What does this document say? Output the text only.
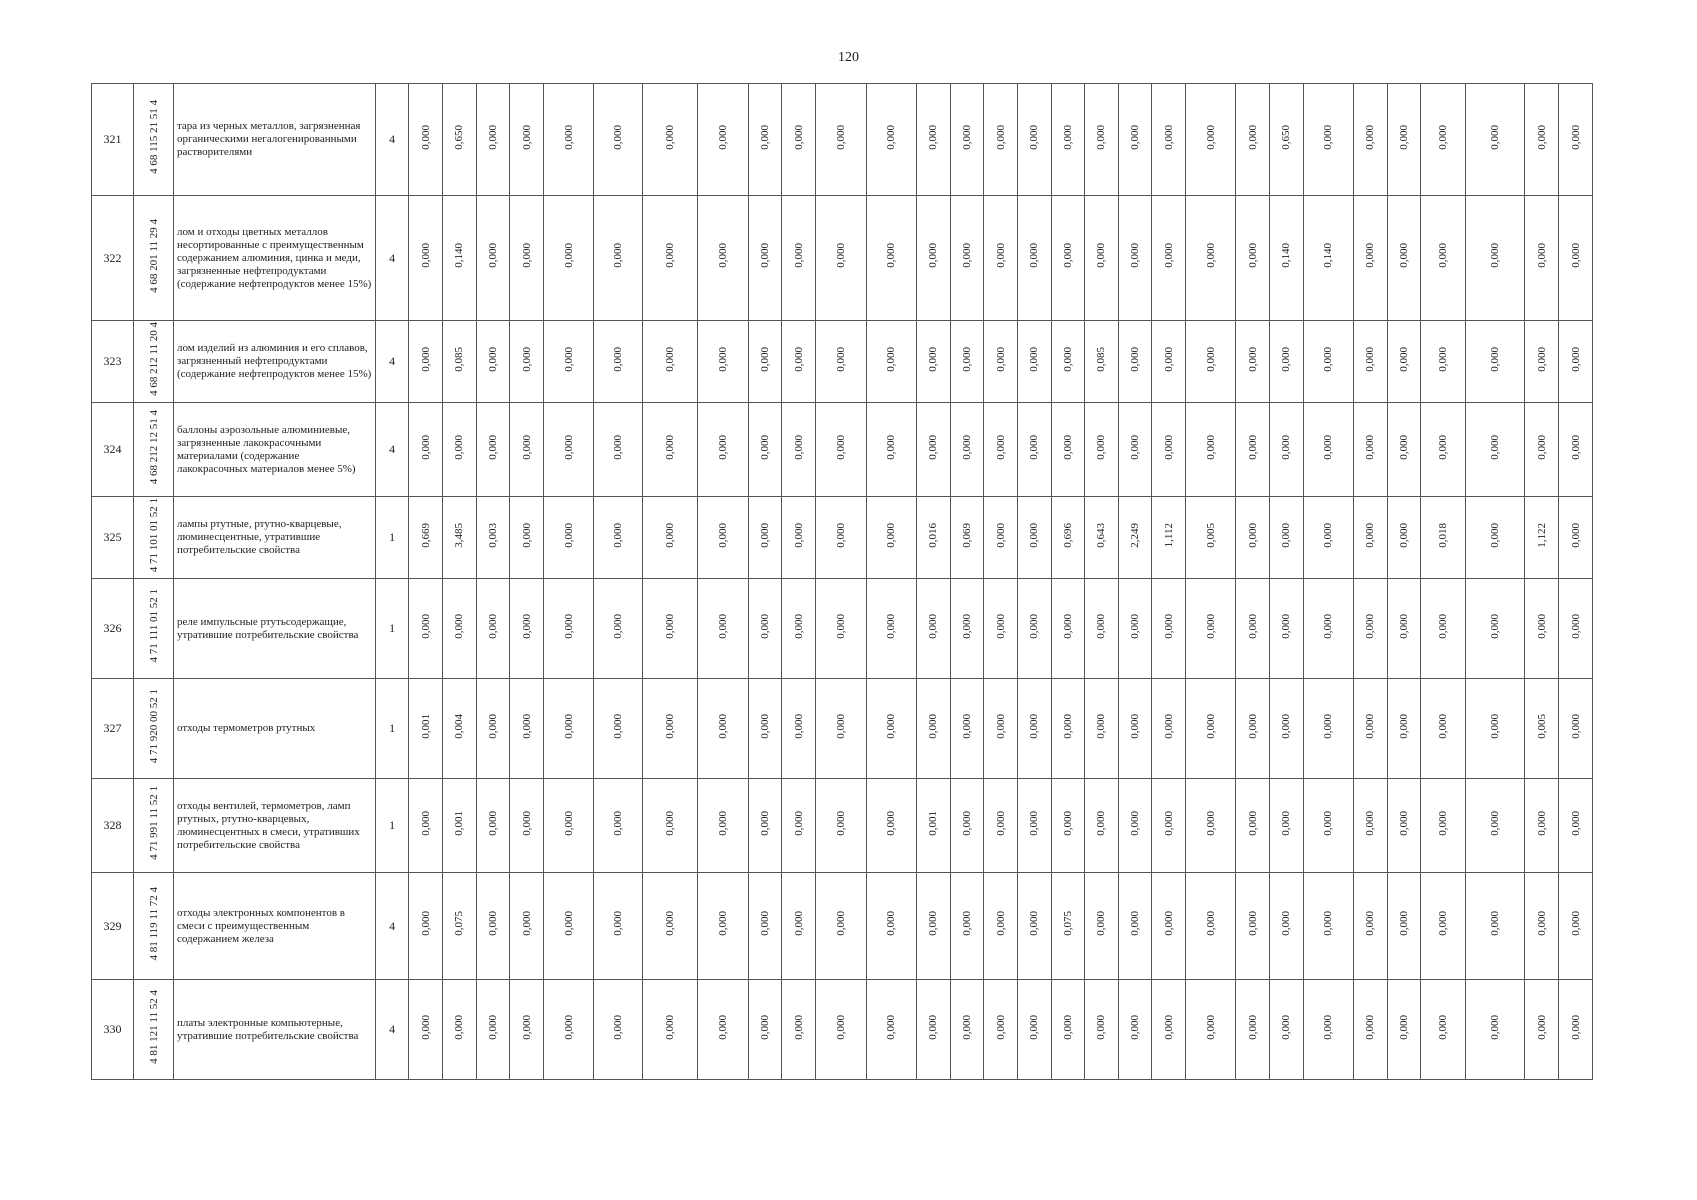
120
321	4 68 115 21 51 4	тара из черных металлов, загрязненная органическими негалогенированными растворителями	4	0,000	0,650	0,000	0,000	0,000	0,000	0,000	0,000	0,000	0,000	0,000	0,000	0,000	0,000	0,000	0,000	0,000	0,000	0,000	0,000	0,000	0,000	0,650	0,000	0,000	0,000	0,000	0,000	0,000	0,000
322	4 68 201 11 29 4	лом и отходы цветных металлов несортированные с преимущественным содержанием алюминия, цинка и меди, загрязненные нефтепродуктами (содержание нефтепродуктов менее 15%)	4	0,000	0,140	0,000	0,000	0,000	0,000	0,000	0,000	0,000	0,000	0,000	0,000	0,000	0,000	0,000	0,000	0,000	0,000	0,000	0,000	0,000	0,000	0,140	0,140	0,000	0,000	0,000	0,000	0,000	0,000
323	4 68 212 11 20 4	лом изделий из алюминия и его сплавов, загрязненный нефтепродуктами (содержание нефтепродуктов менее 15%)	4	0,000	0,085	0,000	0,000	0,000	0,000	0,000	0,000	0,000	0,000	0,000	0,000	0,000	0,000	0,000	0,000	0,000	0,085	0,000	0,000	0,000	0,000	0,000	0,000	0,000	0,000	0,000	0,000	0,000	0,000
324	4 68 212 12 51 4	баллоны аэрозольные алюминиевые, загрязненные лакокрасочными материалами (содержание лакокрасочных материалов менее 5%)	4	0,000	0,000	0,000	0,000	0,000	0,000	0,000	0,000	0,000	0,000	0,000	0,000	0,000	0,000	0,000	0,000	0,000	0,000	0,000	0,000	0,000	0,000	0,000	0,000	0,000	0,000	0,000	0,000	0,000	0,000
325	4 71 101 01 52 1	лампы ртутные, ртутно-кварцевые, люминесцентные, утратившие потребительские свойства	1	0,669	3,485	0,003	0,000	0,000	0,000	0,000	0,000	0,000	0,000	0,000	0,000	0,016	0,069	0,000	0,000	0,696	0,643	2,249	1,112	0,005	0,000	0,000	0,000	0,000	0,000	0,018	0,000	1,122	0,000
326	4 71 111 01 52 1	реле импульсные ртутьсодержащие, утратившие потребительские свойства	1	0,000	0,000	0,000	0,000	0,000	0,000	0,000	0,000	0,000	0,000	0,000	0,000	0,000	0,000	0,000	0,000	0,000	0,000	0,000	0,000	0,000	0,000	0,000	0,000	0,000	0,000	0,000	0,000	0,000	0,000
327	4 71 920 00 52 1	отходы термометров ртутных	1	0,001	0,004	0,000	0,000	0,000	0,000	0,000	0,000	0,000	0,000	0,000	0,000	0,000	0,000	0,000	0,000	0,000	0,000	0,000	0,000	0,000	0,000	0,000	0,000	0,000	0,000	0,000	0,000	0,005	0,000
328	4 71 991 11 52 1	отходы вентилей, термометров, ламп ртутных, ртутно-кварцевых, люминесцентных в смеси, утративших потребительские свойства	1	0,000	0,001	0,000	0,000	0,000	0,000	0,000	0,000	0,000	0,000	0,000	0,000	0,001	0,000	0,000	0,000	0,000	0,000	0,000	0,000	0,000	0,000	0,000	0,000	0,000	0,000	0,000	0,000	0,000	0,000
329	4 81 119 11 72 4	отходы электронных компонентов в смеси с преимущественным содержанием железа	4	0,000	0,075	0,000	0,000	0,000	0,000	0,000	0,000	0,000	0,000	0,000	0,000	0,000	0,000	0,000	0,000	0,075	0,000	0,000	0,000	0,000	0,000	0,000	0,000	0,000	0,000	0,000	0,000	0,000	0,000
330	4 81 121 11 52 4	платы электронные компьютерные, утратившие потребительские свойства	4	0,000	0,000	0,000	0,000	0,000	0,000	0,000	0,000	0,000	0,000	0,000	0,000	0,000	0,000	0,000	0,000	0,000	0,000	0,000	0,000	0,000	0,000	0,000	0,000	0,000	0,000	0,000	0,000	0,000	0,000
